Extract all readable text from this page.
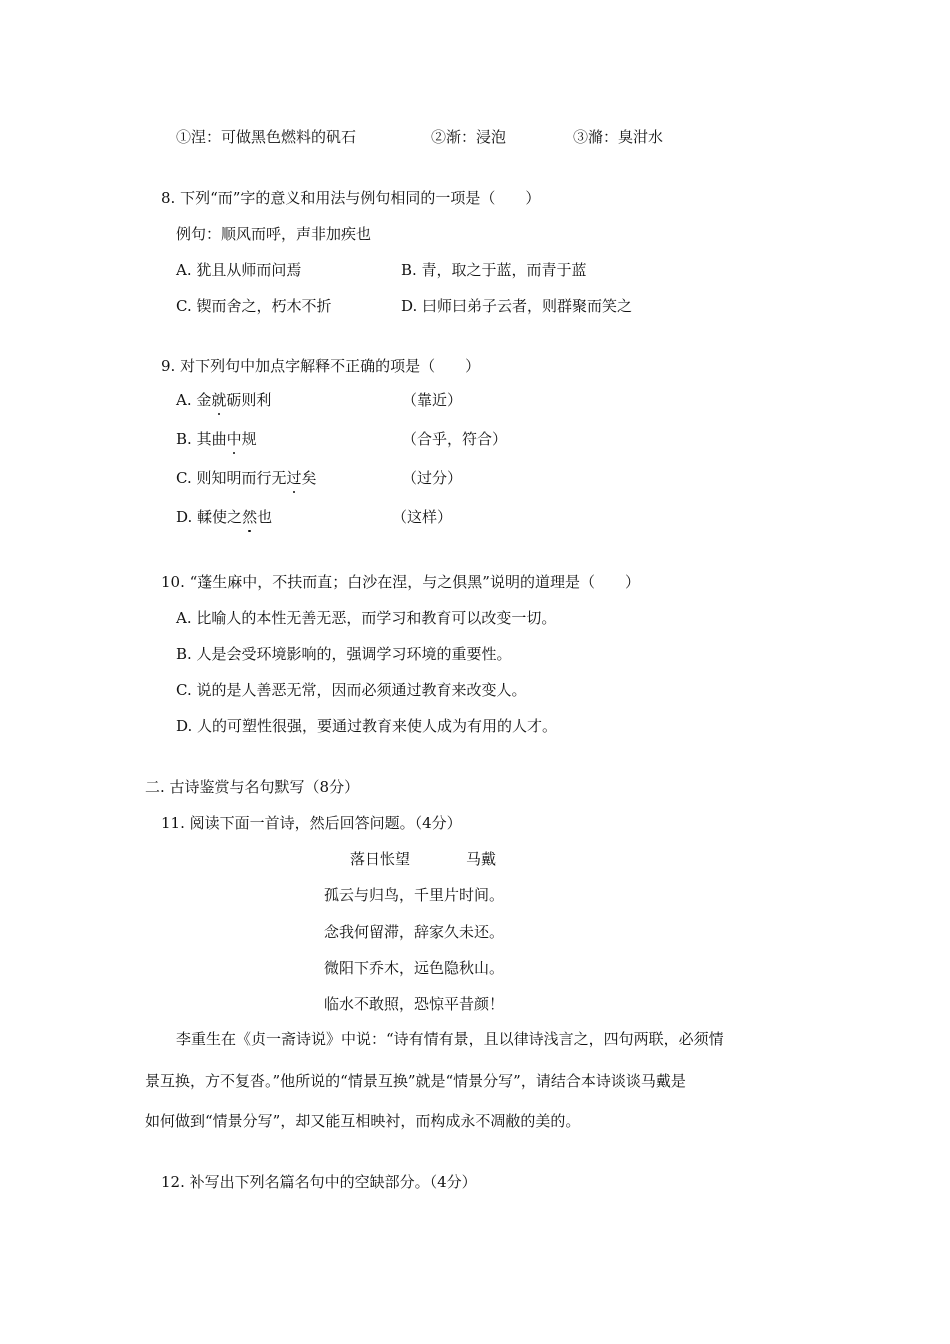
①涅：可做黑色燃料的矾石	②渐：浸泡	③滫：臭泔水
8. 下列“而”字的意义和用法与例句相同的一项是（　　）
例句：顺风而呼，声非加疾也
A. 犹且从师而问焉	B. 青，取之于蓝，而青于蓝
C. 锲而舍之，朽木不折	D. 曰师曰弟子云者，则群聚而笑之
9. 对下列句中加点字解释不正确的项是（　　）
A. 金就砺则利	（靠近）
B. 其曲中规	（合乎，符合）
C. 则知明而行无过矣	（过分）
D. 輮使之然也	（这样）
10. “蓬生麻中，不扶而直；白沙在涅，与之俱黑”说明的道理是（　　）
A. 比喻人的本性无善无恶，而学习和教育可以改变一切。
B. 人是会受环境影响的，强调学习环境的重要性。
C. 说的是人善恶无常，因而必须通过教育来改变人。
D. 人的可塑性很强，要通过教育来使人成为有用的人才。
二. 古诗鉴赏与名句默写（8分）
11. 阅读下面一首诗，然后回答问题。（4分）
落日怅望	马戴
孤云与归鸟，千里片时间。
念我何留滞，辞家久未还。
微阳下乔木，远色隐秋山。
临水不敢照，恐惊平昔颜！
李重生在《贞一斋诗说》中说：“诗有情有景，且以律诗浅言之，四句两联，必须情
景互换，方不复沓。”他所说的“情景互换”就是“情景分写”，请结合本诗谈谈马戴是
如何做到“情景分写”，却又能互相映衬，而构成永不凋敝的美的。
12. 补写出下列名篇名句中的空缺部分。（4分）
